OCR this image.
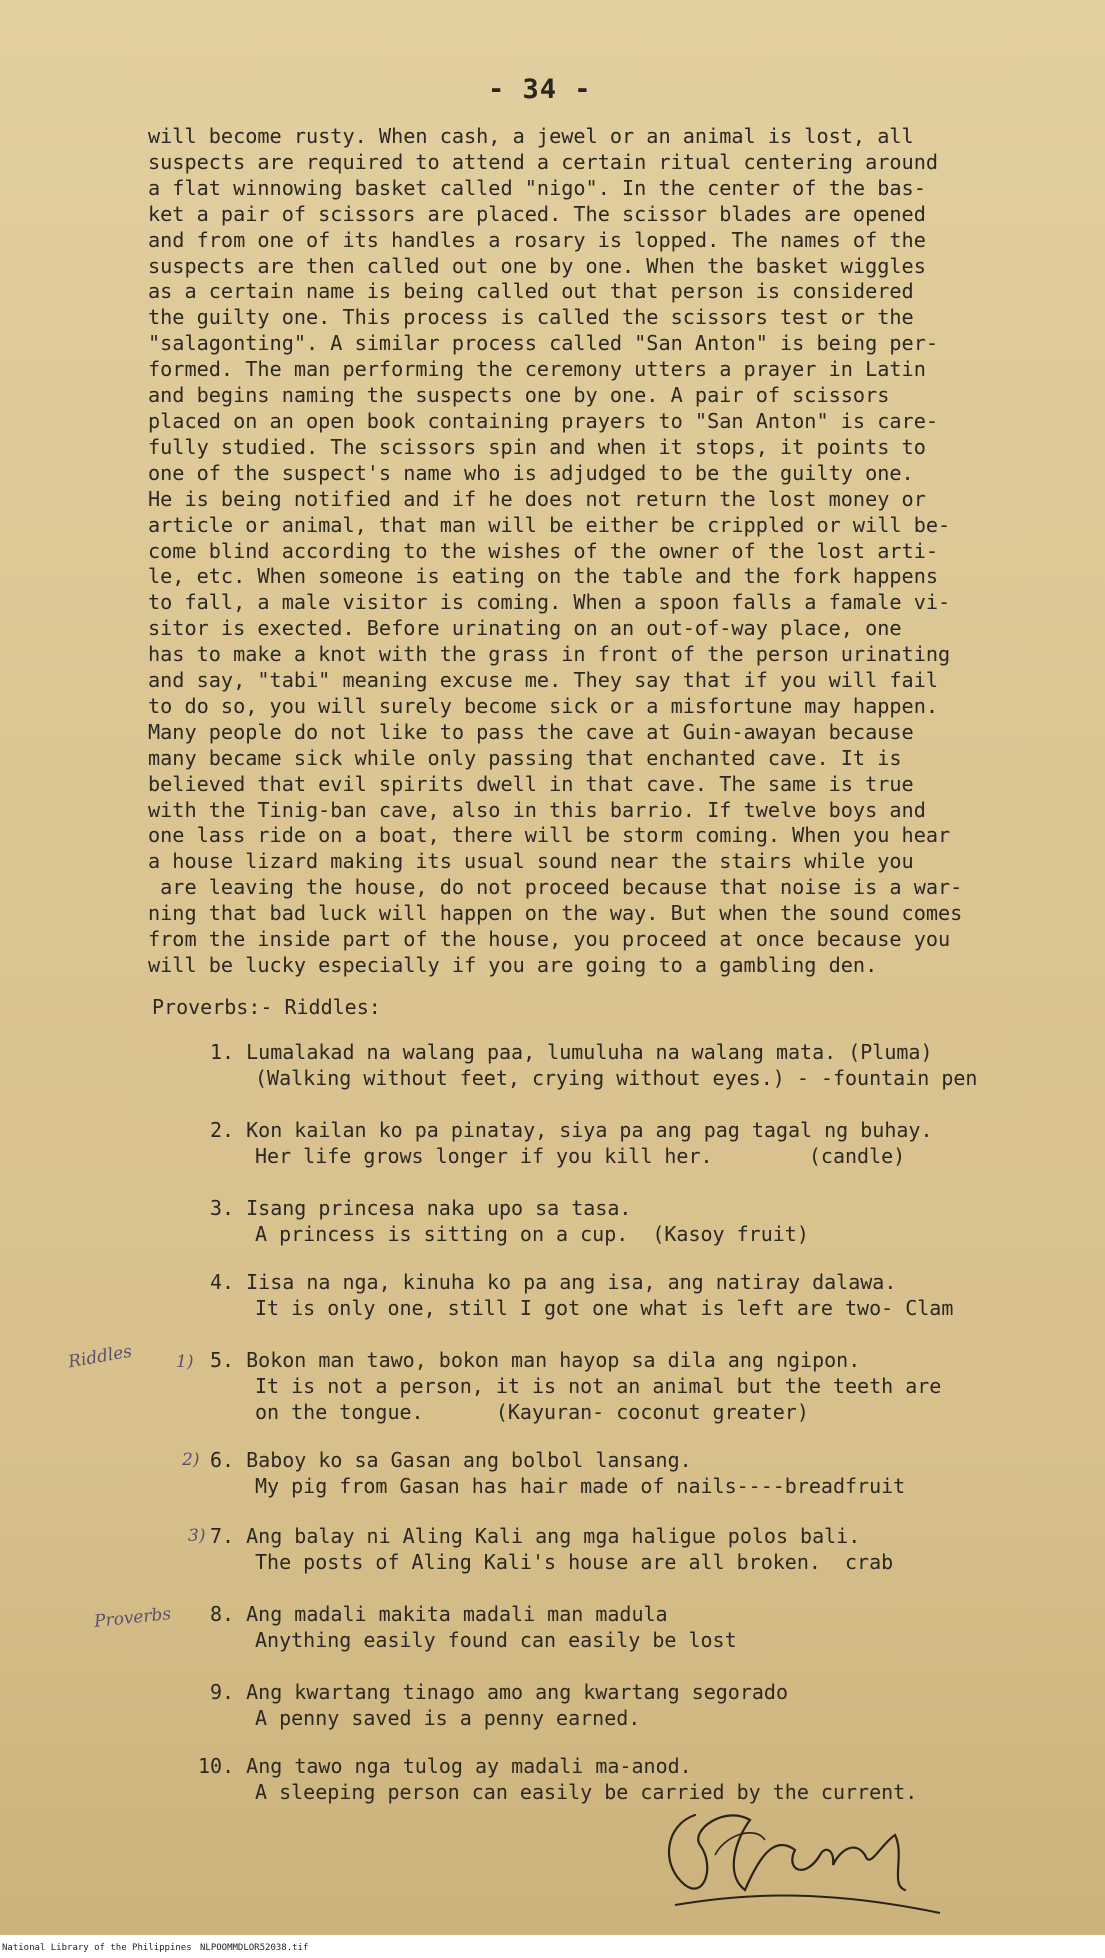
- 34 -
will become rusty. When cash, a jewel or an animal is lost, all
suspects are required to attend a certain ritual centering around
a flat winnowing basket called "nigo". In the center of the bas-
ket a pair of scissors are placed. The scissor blades are opened
and from one of its handles a rosary is lopped. The names of the
suspects are then called out one by one. When the basket wiggles
as a certain name is being called out that person is considered
the guilty one. This process is called the scissors test or the
"salagonting". A similar process called "San Anton" is being per-
formed. The man performing the ceremony utters a prayer in Latin
and begins naming the suspects one by one. A pair of scissors
placed on an open book containing prayers to "San Anton" is care-
fully studied. The scissors spin and when it stops, it points to
one of the suspect's name who is adjudged to be the guilty one.
He is being notified and if he does not return the lost money or
article or animal, that man will be either be crippled or will be-
come blind according to the wishes of the owner of the lost arti-
le, etc. When someone is eating on the table and the fork happens
to fall, a male visitor is coming. When a spoon falls a famale vi-
sitor is exected. Before urinating on an out-of-way place, one
has to make a knot with the grass in front of the person urinating
and say, "tabi" meaning excuse me. They say that if you will fail
to do so, you will surely become sick or a misfortune may happen.
Many people do not like to pass the cave at Guin-awayan because
many became sick while only passing that enchanted cave. It is
believed that evil spirits dwell in that cave. The same is true
with the Tinig-ban cave, also in this barrio. If twelve boys and
one lass ride on a boat, there will be storm coming. When you hear
a house lizard making its usual sound near the stairs while you
are leaving the house, do not proceed because that noise is a war-
ning that bad luck will happen on the way. But when the sound comes
from the inside part of the house, you proceed at once because you
will be lucky especially if you are going to a gambling den.

Proverbs:- Riddles:
1. Lumalakad na walang paa, lumuluha na walang mata. (Pluma)
(Walking without feet, crying without eyes.) - -fountain pen
2. Kon kailan ko pa pinatay, siya pa ang pag tagal ng buhay.
Her life grows longer if you kill her.        (candle)
3. Isang princesa naka upo sa tasa.
A princess is sitting on a cup.  (Kasoy fruit)
4. Iisa na nga, kinuha ko pa ang isa, ang natiray dalawa.
It is only one, still I got one what is left are two- Clam
5. Bokon man tawo, bokon man hayop sa dila ang ngipon.
It is not a person, it is not an animal but the teeth are
on the tongue.      (Kayuran- coconut greater)
6. Baboy ko sa Gasan ang bolbol lansang.
My pig from Gasan has hair made of nails----breadfruit
7. Ang balay ni Aling Kali ang mga haligue polos bali.
The posts of Aling Kali's house are all broken.  crab
8. Ang madali makita madali man madula
Anything easily found can easily be lost
9. Ang kwartang tinago amo ang kwartang segorado
A penny saved is a penny earned.
10. Ang tawo nga tulog ay madali ma-anod.
A sleeping person can easily be carried by the current.
Riddles	1)
2)
3)
Proverbs
National Library of the Philippines NLPOOMMDLOR52038.tif
